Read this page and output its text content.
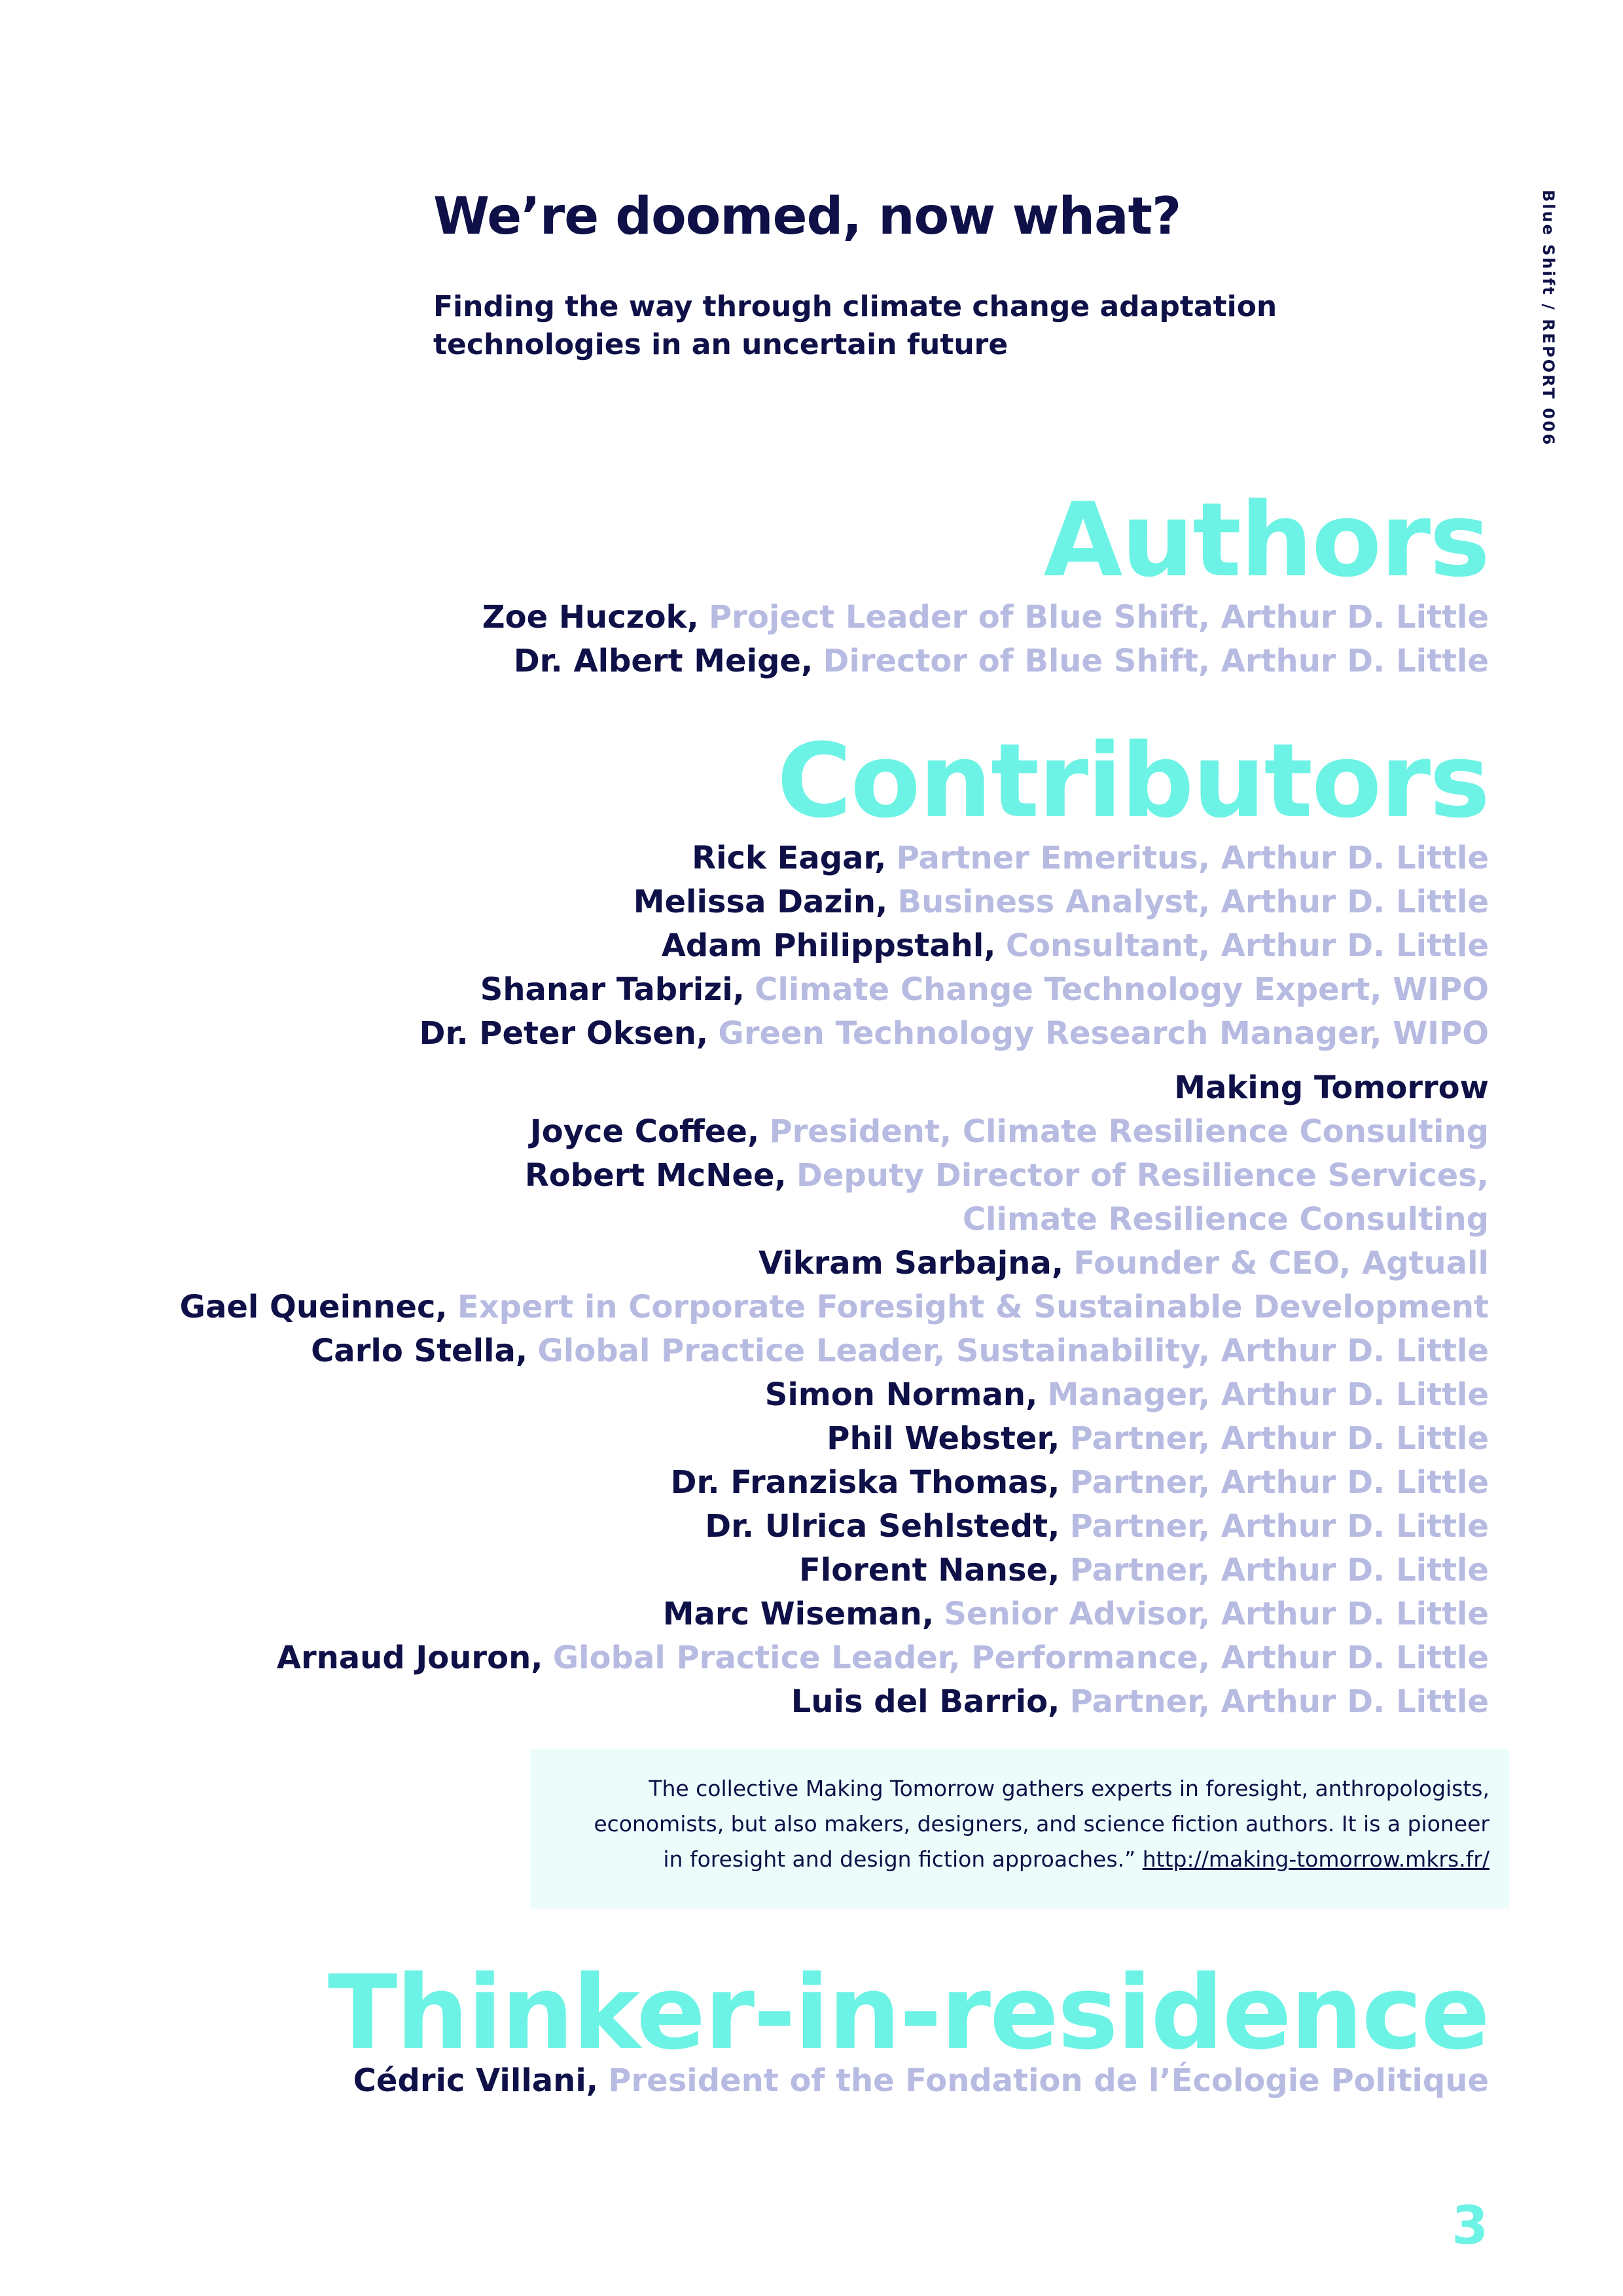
We’re doomed, now what?

Finding the way through climate change adaptation technologies in an uncertain future	Blue Shift / REPORT 006
Authors
Zoe Huczok, Project Leader of Blue Shift, Arthur D. Little
Dr. Albert Meige, Director of Blue Shift, Arthur D. Little
Contributors
Rick Eagar, Partner Emeritus, Arthur D. Little
Melissa Dazin, Business Analyst, Arthur D. Little
Adam Philippstahl, Consultant, Arthur D. Little
Shanar Tabrizi, Climate Change Technology Expert, WIPO
Dr. Peter Oksen, Green Technology Research Manager, WIPO
Making Tomorrow
Joyce Coffee, President, Climate Resilience Consulting
Robert McNee, Deputy Director of Resilience Services,
Climate Resilience Consulting
Vikram Sarbajna, Founder & CEO, Agtuall
Gael Queinnec, Expert in Corporate Foresight & Sustainable Development
Carlo Stella, Global Practice Leader, Sustainability, Arthur D. Little
Simon Norman, Manager, Arthur D. Little
Phil Webster, Partner, Arthur D. Little
Dr. Franziska Thomas, Partner, Arthur D. Little
Dr. Ulrica Sehlstedt, Partner, Arthur D. Little
Florent Nanse, Partner, Arthur D. Little
Marc Wiseman, Senior Advisor, Arthur D. Little
Arnaud Jouron, Global Practice Leader, Performance, Arthur D. Little
Luis del Barrio, Partner, Arthur D. Little
The collective Making Tomorrow gathers experts in foresight, anthropologists,
economists, but also makers, designers, and science fiction authors. It is a pioneer
in foresight and design fiction approaches.” http://making-tomorrow.mkrs.fr/
Thinker-in-residence
Cédric Villani, President of the Fondation de l’Écologie Politique
3
